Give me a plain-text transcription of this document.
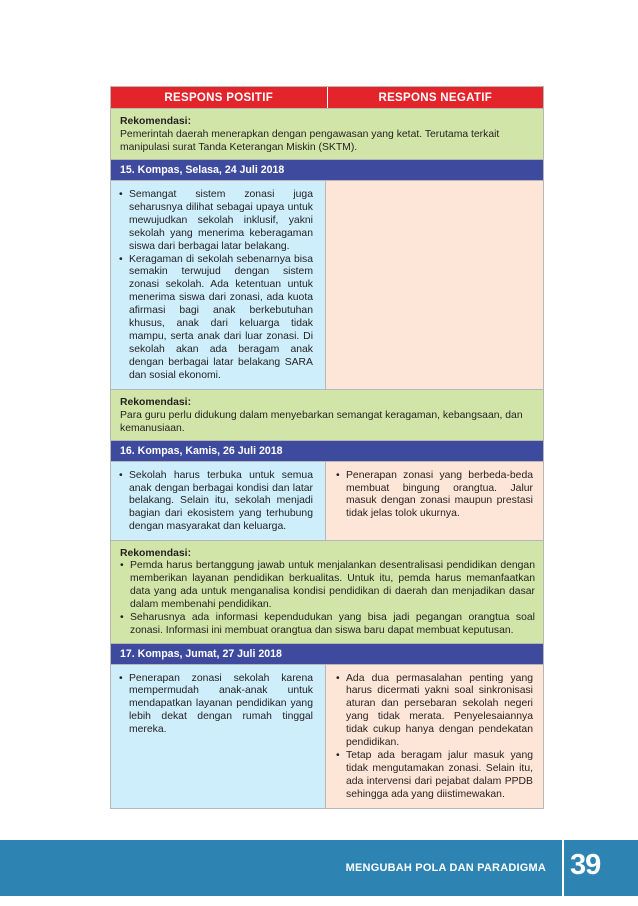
RESPONS POSITIF	RESPONS NEGATIF
Rekomendasi:
Pemerintah daerah menerapkan dengan pengawasan yang ketat. Terutama terkait manipulasi surat Tanda Keterangan Miskin (SKTM).
15. Kompas, Selasa, 24 Juli 2018
• Semangat sistem zonasi juga seharusnya dilihat sebagai upaya untuk mewujudkan sekolah inklusif, yakni sekolah yang menerima keberagaman siswa dari berbagai latar belakang.
• Keragaman di sekolah sebenarnya bisa semakin terwujud dengan sistem zonasi sekolah. Ada ketentuan untuk menerima siswa dari zonasi, ada kuota afirmasi bagi anak berkebutuhan khusus, anak dari keluarga tidak mampu, serta anak dari luar zonasi. Di sekolah akan ada beragam anak dengan berbagai latar belakang SARA dan sosial ekonomi.
Rekomendasi:
Para guru perlu didukung dalam menyebarkan semangat keragaman, kebangsaan, dan kemanusiaan.
16. Kompas, Kamis, 26 Juli 2018
• Sekolah harus terbuka untuk semua anak dengan berbagai kondisi dan latar belakang. Selain itu, sekolah menjadi bagian dari ekosistem yang terhubung dengan masyarakat dan keluarga.
• Penerapan zonasi yang berbeda-beda membuat bingung orangtua. Jalur masuk dengan zonasi maupun prestasi tidak jelas tolok ukurnya.
Rekomendasi:
• Pemda harus bertanggung jawab untuk menjalankan desentralisasi pendidikan dengan memberikan layanan pendidikan berkualitas. Untuk itu, pemda harus memanfaatkan data yang ada untuk menganalisa kondisi pendidikan di daerah dan menjadikan dasar dalam membenahi pendidikan.
• Seharusnya ada informasi kependudukan yang bisa jadi pegangan orangtua soal zonasi. Informasi ini membuat orangtua dan siswa baru dapat membuat keputusan.
17. Kompas, Jumat, 27 Juli 2018
• Penerapan zonasi sekolah karena mempermudah anak-anak untuk mendapatkan layanan pendidikan yang lebih dekat dengan rumah tinggal mereka.
• Ada dua permasalahan penting yang harus dicermati yakni soal sinkronisasi aturan dan persebaran sekolah negeri yang tidak merata. Penyelesaiannya tidak cukup hanya dengan pendekatan pendidikan.
• Tetap ada beragam jalur masuk yang tidak mengutamakan zonasi. Selain itu, ada intervensi dari pejabat dalam PPDB sehingga ada yang diistimewakan.
MENGUBAH POLA DAN PARADIGMA 39
